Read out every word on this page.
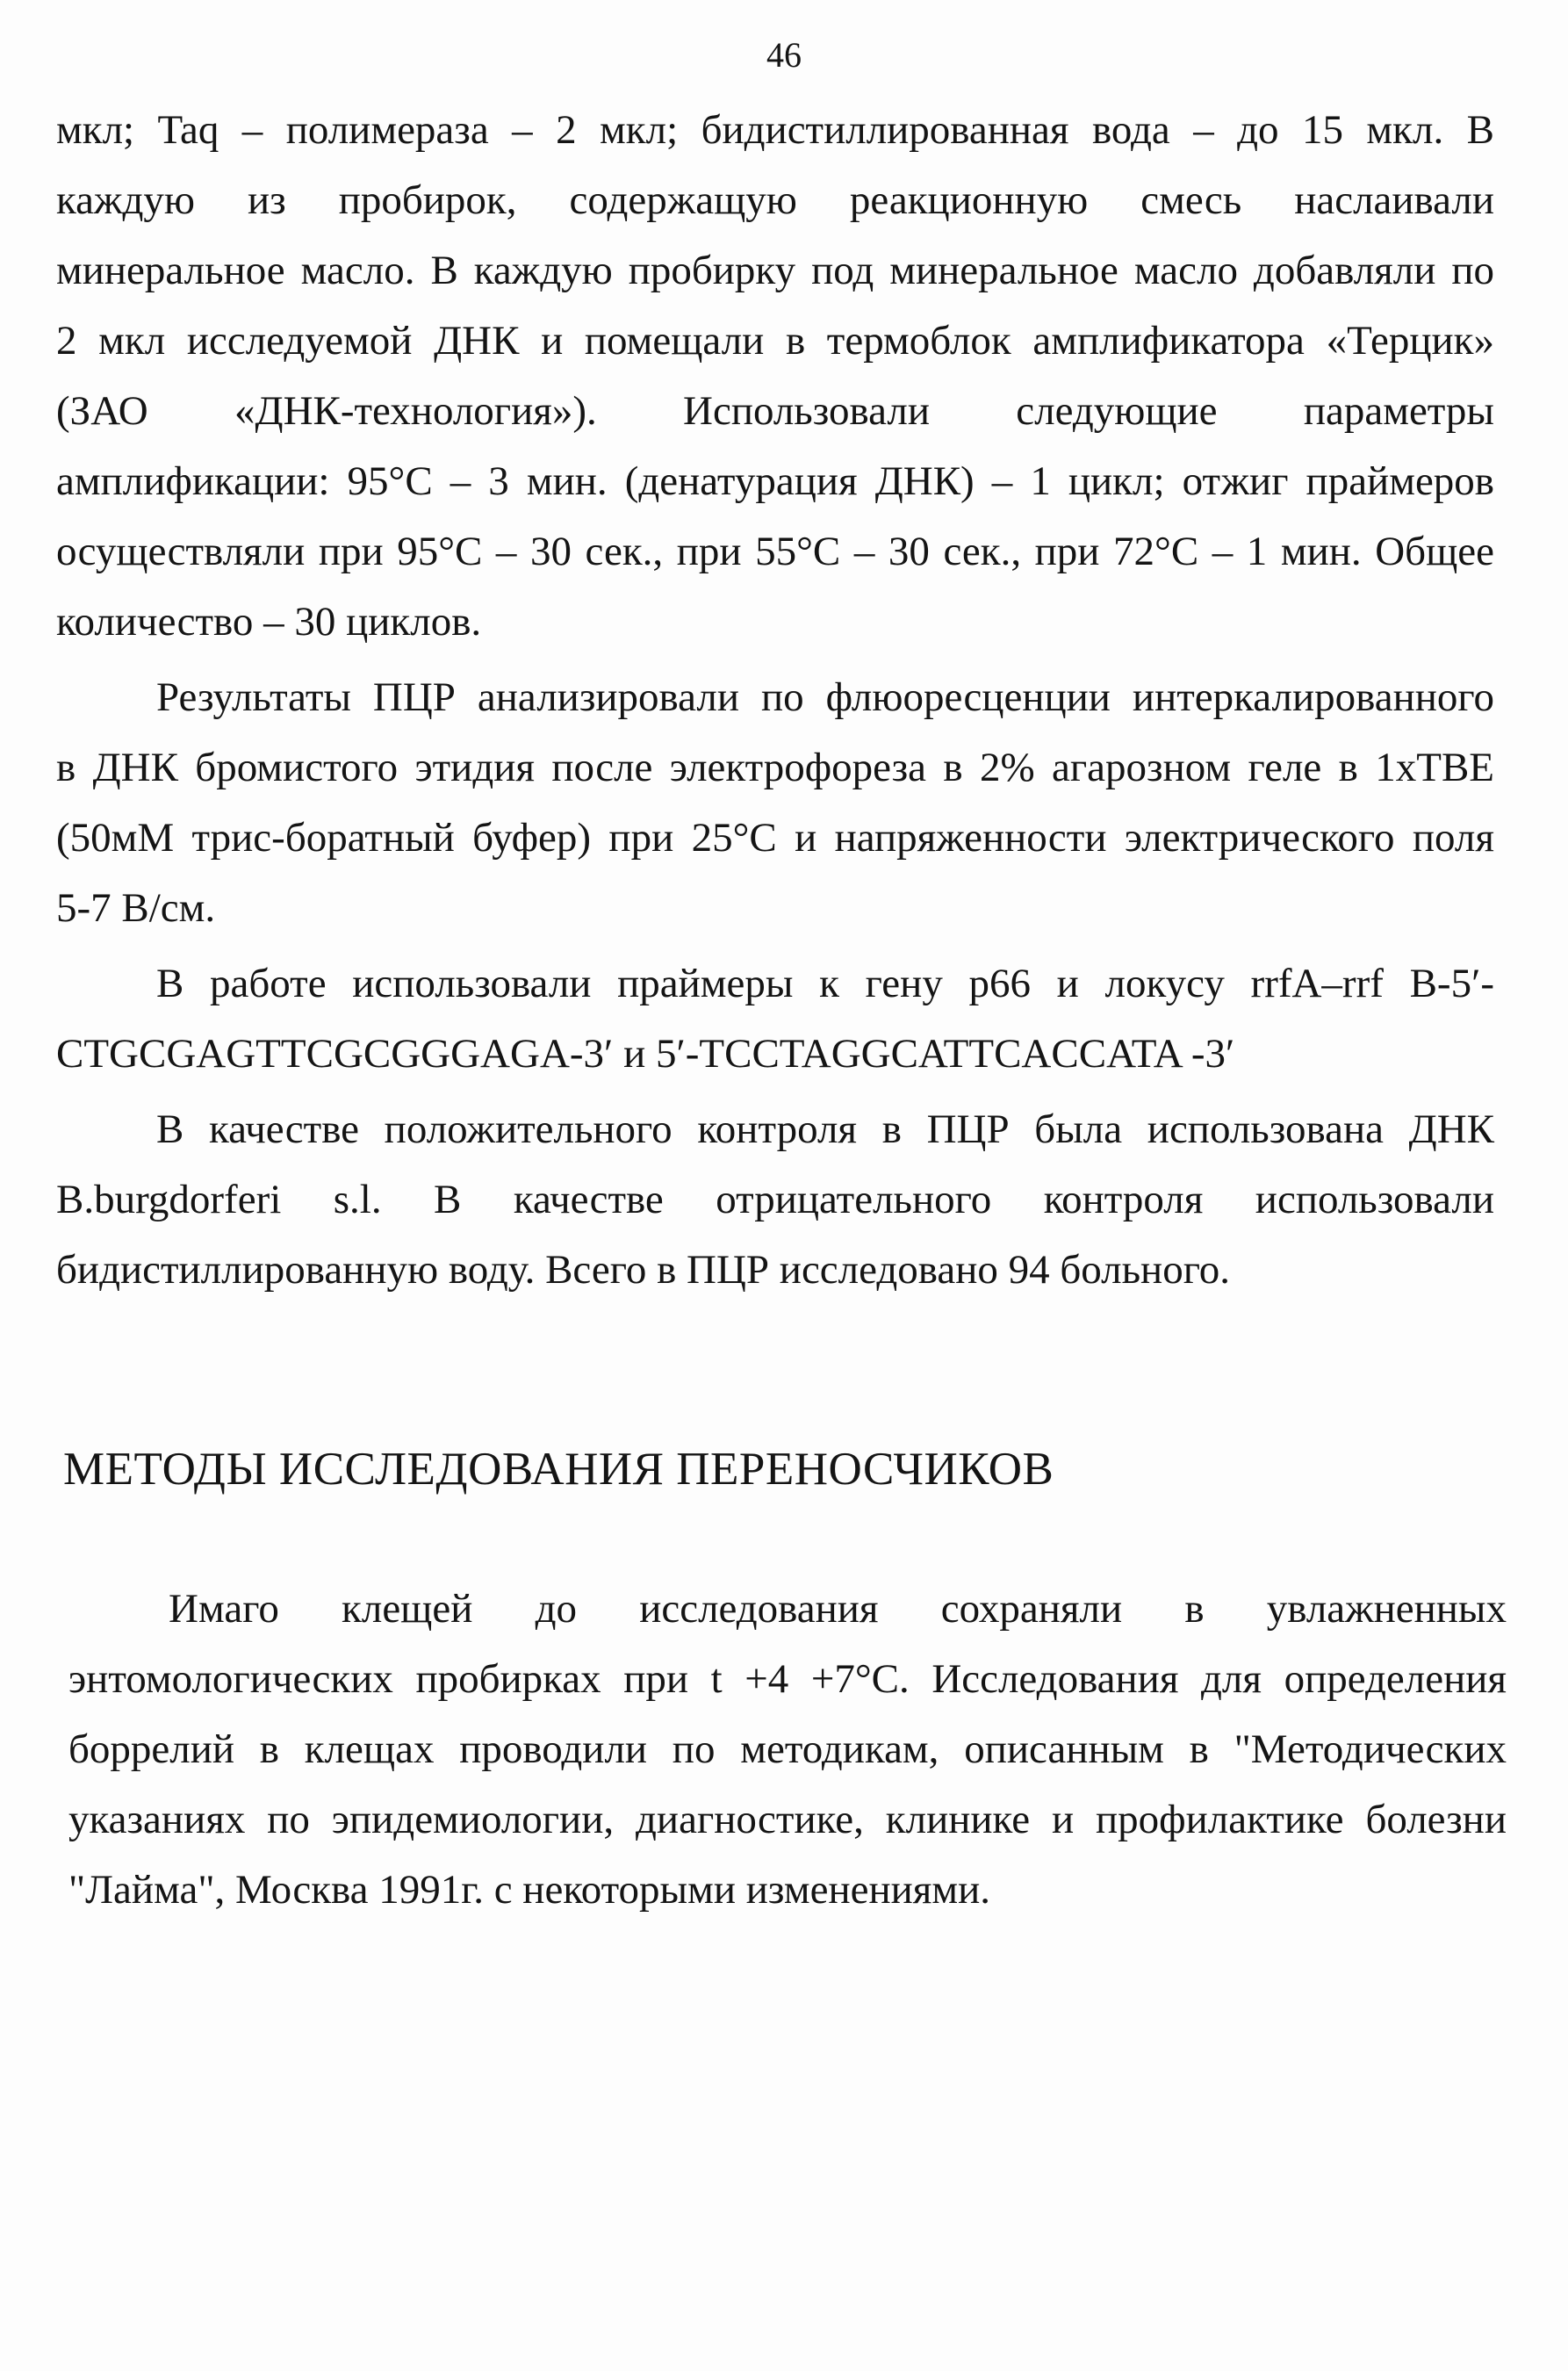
46
мкл; Taq – полимераза – 2 мкл; бидистиллированная вода – до 15 мкл. В
каждую из пробирок, содержащую реакционную смесь наслаивали
минеральное масло. В каждую пробирку под минеральное масло добавляли по
2 мкл исследуемой ДНК и помещали в термоблок амплификатора «Терцик»
(ЗАО «ДНК-технология»). Использовали следующие параметры
амплификации: 95°С – 3 мин. (денатурация ДНК) – 1 цикл; отжиг праймеров
осуществляли при 95°С – 30 сек., при 55°С – 30 сек., при 72°С – 1 мин. Общее
количество – 30 циклов.
Результаты ПЦР анализировали по флюоресценции интеркалированного
в ДНК бромистого этидия после электрофореза в 2% агарозном геле в 1хТВЕ
(50мМ трис-боратный буфер) при 25°С и напряженности электрического поля
5-7 В/см.
В работе использовали праймеры к гену p66 и локусу rrfA–rrf B-5′-
CTGCGAGTTCGCGGGAGA-3′ и 5′-TCCTAGGCATTCACCATA -3′
В качестве положительного контроля в ПЦР была использована ДНК
B.burgdorferi s.l. В качестве отрицательного контроля использовали
бидистиллированную воду. Всего в ПЦР исследовано 94 больного.
МЕТОДЫ ИССЛЕДОВАНИЯ ПЕРЕНОСЧИКОВ
Имаго клещей до исследования сохраняли в увлажненных
энтомологических пробирках при t +4 +7°С. Исследования для определения
боррелий в клещах проводили по методикам, описанным в "Методических
указаниях по эпидемиологии, диагностике, клинике и профилактике болезни
"Лайма", Москва 1991г. с некоторыми изменениями.
